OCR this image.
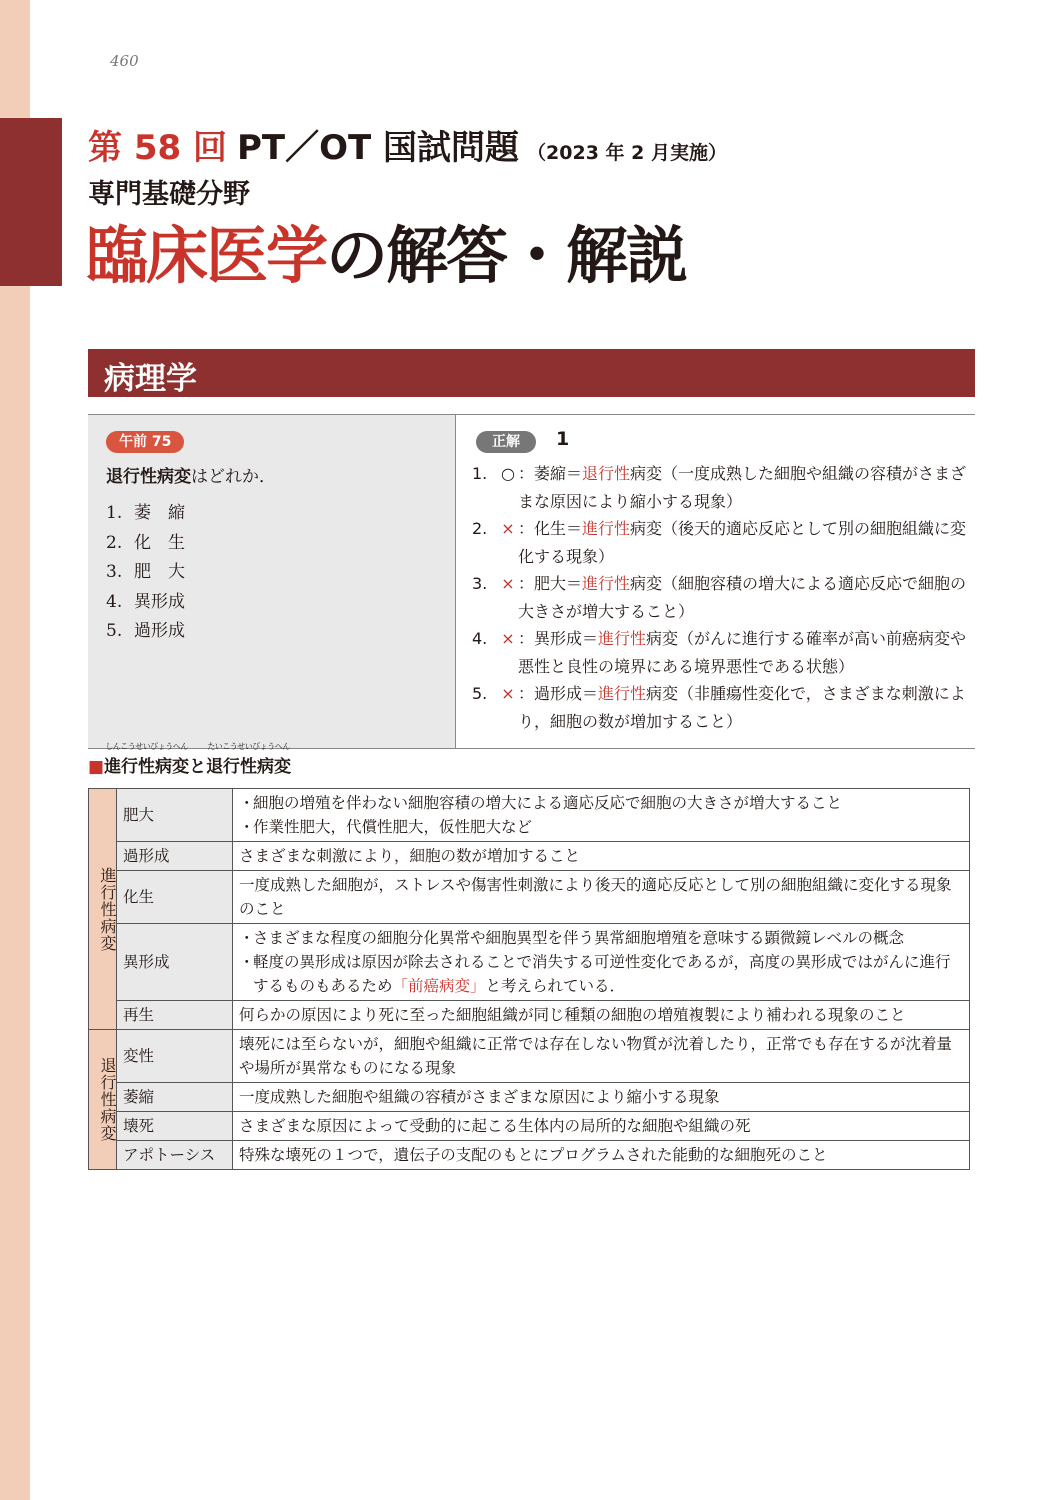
460
第 58 回 PT／OT 国試問題 （2023 年 2 月実施）
専門基礎分野
臨床医学の解答・解説
病理学
午前 75
退行性病変はどれか．
1. 萎　縮
2. 化　生
3. 肥　大
4. 異形成
5. 過形成
正解	1
1. ○ ：萎縮＝退行性病変（一度成熟した細胞や組織の容積がさまざまな原因により縮小する現象）
2. × ：化生＝進行性病変（後天的適応反応として別の細胞組織に変化する現象）
3. × ：肥大＝進行性病変（細胞容積の増大による適応反応で細胞の大きさが増大すること）
4. × ：異形成＝進行性病変（がんに進行する確率が高い前癌病変や悪性と良性の境界にある境界悪性である状態）
5. × ：過形成＝進行性病変（非腫瘍性変化で，さまざまな刺激により，細胞の数が増加すること）
■
しんこうせいびょうへん
進行性病変と
たいこうせいびょうへん
退行性病変
進行性病変	肥大	・
細胞の増殖を伴わない細胞容積の増大による適応反応で細胞の大きさが増大すること
・
作業性肥大，代償性肥大，仮性肥大など

	過形成	さまざまな刺激により，細胞の数が増加すること
	化生	一度成熟した細胞が，ストレスや傷害性刺激により後天的適応反応として別の細胞組織に変化する現象のこと
	異形成	・
さまざまな程度の細胞分化異常や細胞異型を伴う異常細胞増殖を意味する顕微鏡レベルの概念
・
軽度の異形成は原因が除去されることで消失する可逆性変化であるが，高度の異形成ではがんに進行するものもあるため「前癌病変」と考えられている．

	再生	何らかの原因により死に至った細胞組織が同じ種類の細胞の増殖複製により補われる現象のこと

退行性病変	変性	壊死には至らないが，細胞や組織に正常では存在しない物質が沈着したり，正常でも存在するが沈着量や場所が異常なものになる現象
	萎縮	一度成熟した細胞や組織の容積がさまざまな原因により縮小する現象
	壊死	さまざまな原因によって受動的に起こる生体内の局所的な細胞や組織の死
	アポトーシス	特殊な壊死の１つで，遺伝子の支配のもとにプログラムされた能動的な細胞死のこと
